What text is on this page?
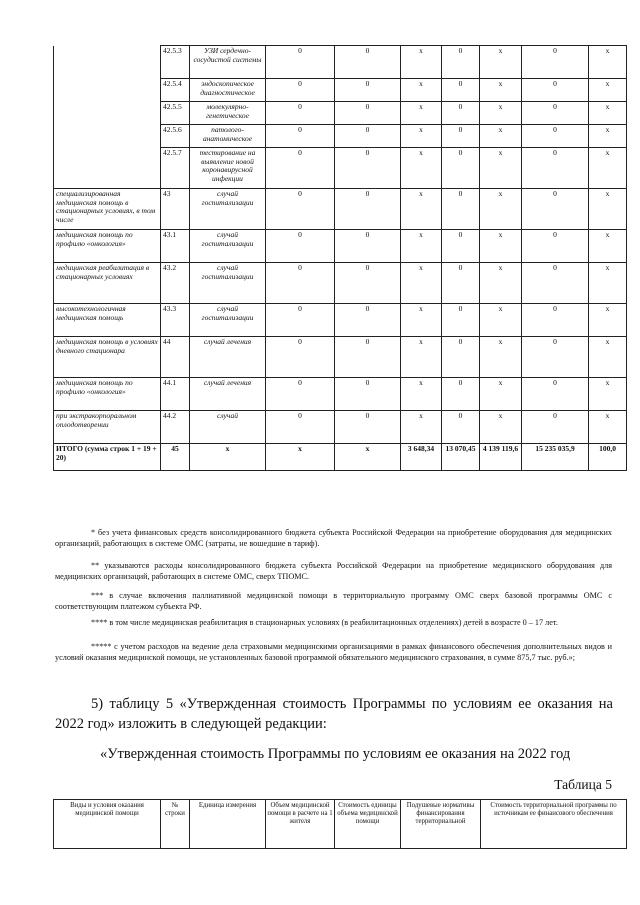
	42.5.3	УЗИ сердечно-сосудистой системы	0	0	х	0	х	0	х
	42.5.4	эндоскопическое диагностическое	0	0	х	0	х	0	х
	42.5.5	молекулярно-генетическое	0	0	х	0	х	0	х
	42.5.6	патолого-анатомическое	0	0	х	0	х	0	х
	42.5.7	тестирование на выявление новой коронавирусной инфекции	0	0	х	0	х	0	х
специализированная медицинская помощь в стационарных условиях, в том числе	43	случай госпитализации	0	0	х	0	х	0	х
медицинская помощь по профилю «онкология»	43.1	случай госпитализации	0	0	х	0	х	0	х
медицинская реабилитация в стационарных условиях	43.2	случай госпитализации	0	0	х	0	х	0	х
высокотехнологичная медицинская помощь	43.3	случай госпитализации	0	0	х	0	х	0	х
медицинская помощь в условиях дневного стационара	44	случай лечения	0	0	х	0	х	0	х
медицинская помощь по профилю «онкология»	44.1	случай лечения	0	0	х	0	х	0	х
при экстракорпоральном оплодотворении	44.2	случай	0	0	х	0	х	0	х
ИТОГО (сумма строк 1 + 19 + 20)	45	х	х	х	3 648,34	13 070,45	4 139 119,6	15 235 035,9	100,0
* без учета финансовых средств консолидированного бюджета субъекта Российской Федерации на приобретение оборудования для медицинских организаций, работающих в системе ОМС (затраты, не вошедшие в тариф).
** указываются расходы консолидированного бюджета субъекта Российской Федерации на приобретение медицинского оборудования для медицинских организаций, работающих в системе ОМС, сверх ТПОМС.
*** в случае включения паллиативной медицинской помощи в территориальную программу ОМС сверх базовой программы ОМС с соответствующим платежом субъекта РФ.
**** в том числе медицинская реабилитация в стационарных условиях (в реабилитационных отделениях) детей в возрасте 0 – 17 лет.
***** с учетом расходов на ведение дела страховыми медицинскими организациями в рамках финансового обеспечения дополнительных видов и условий оказания медицинской помощи, не установленных базовой программой обязательного медицинского страхования, в сумме 875,7 тыс. руб.»;
5) таблицу 5 «Утвержденная стоимость Программы по условиям ее оказания на 2022 год» изложить в следующей редакции:
«Утвержденная стоимость Программы по условиям ее оказания на 2022 год
Таблица 5
Виды и условия оказания медицинской помощи	№ строки	Единица измерения	Объем медицинской помощи в расчете на 1 жителя	Стоимость единицы объема медицинской помощи	Подушевые нормативы финансирования территориальной	Стоимость территориальной программы по источникам ее финансового обеспечения
